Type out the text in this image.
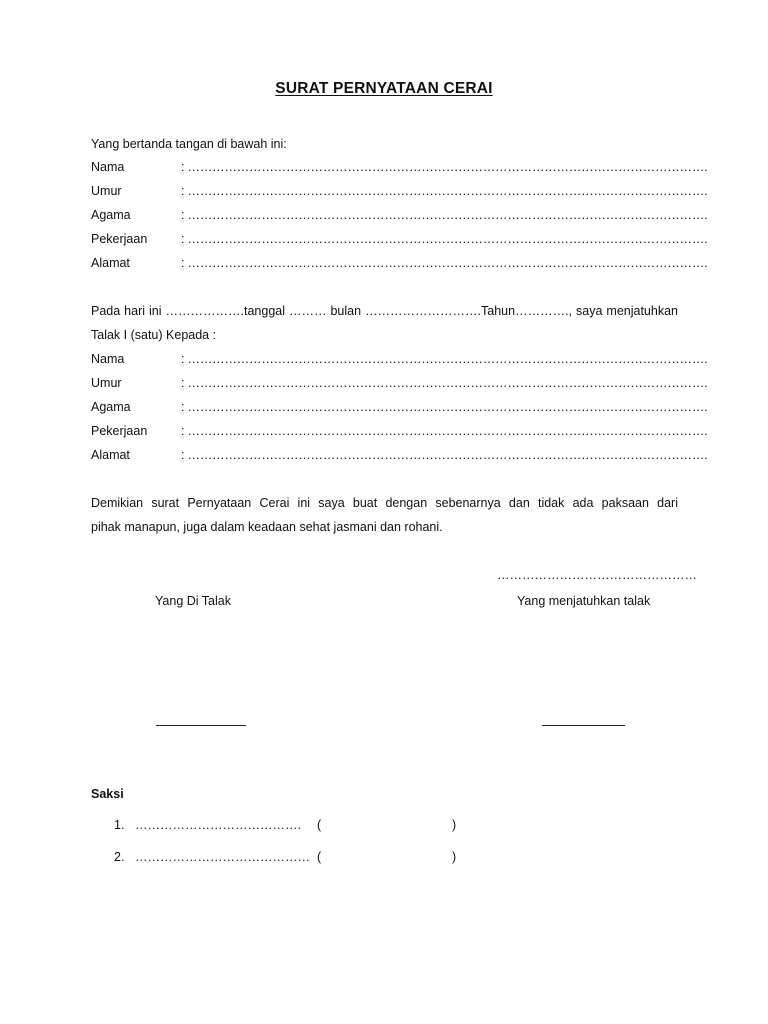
SURAT PERNYATAAN CERAI
Yang bertanda tangan di bawah ini:
Nama	: ……………………………………………………………………………………………………………….
Umur	: ……………………………………………………………………………………………………………….
Agama	: ……………………………………………………………………………………………………………….
Pekerjaan	: ……………………………………………………………………………………………………………….
Alamat	: ……………………………………………………………………………………………………………….
Pada hari ini ……………….tanggal ……… bulan ……………………….Tahun…………., saya menjatuhkan
Talak I (satu) Kepada :
Nama	: ……………………………………………………………………………………………………………….
Umur	: ……………………………………………………………………………………………………………….
Agama	: ……………………………………………………………………………………………………………….
Pekerjaan	: ……………………………………………………………………………………………………………….
Alamat	: ……………………………………………………………………………………………………………….
Demikian surat Pernyataan Cerai ini saya buat dengan sebenarnya dan tidak ada paksaan dari
pihak manapun, juga dalam keadaan sehat jasmani dan rohani.
…………………………………………
Yang Di Talak	Yang menjatuhkan talak
Saksi
1. …………………………………. (	)
2. …………………………………… (	)
